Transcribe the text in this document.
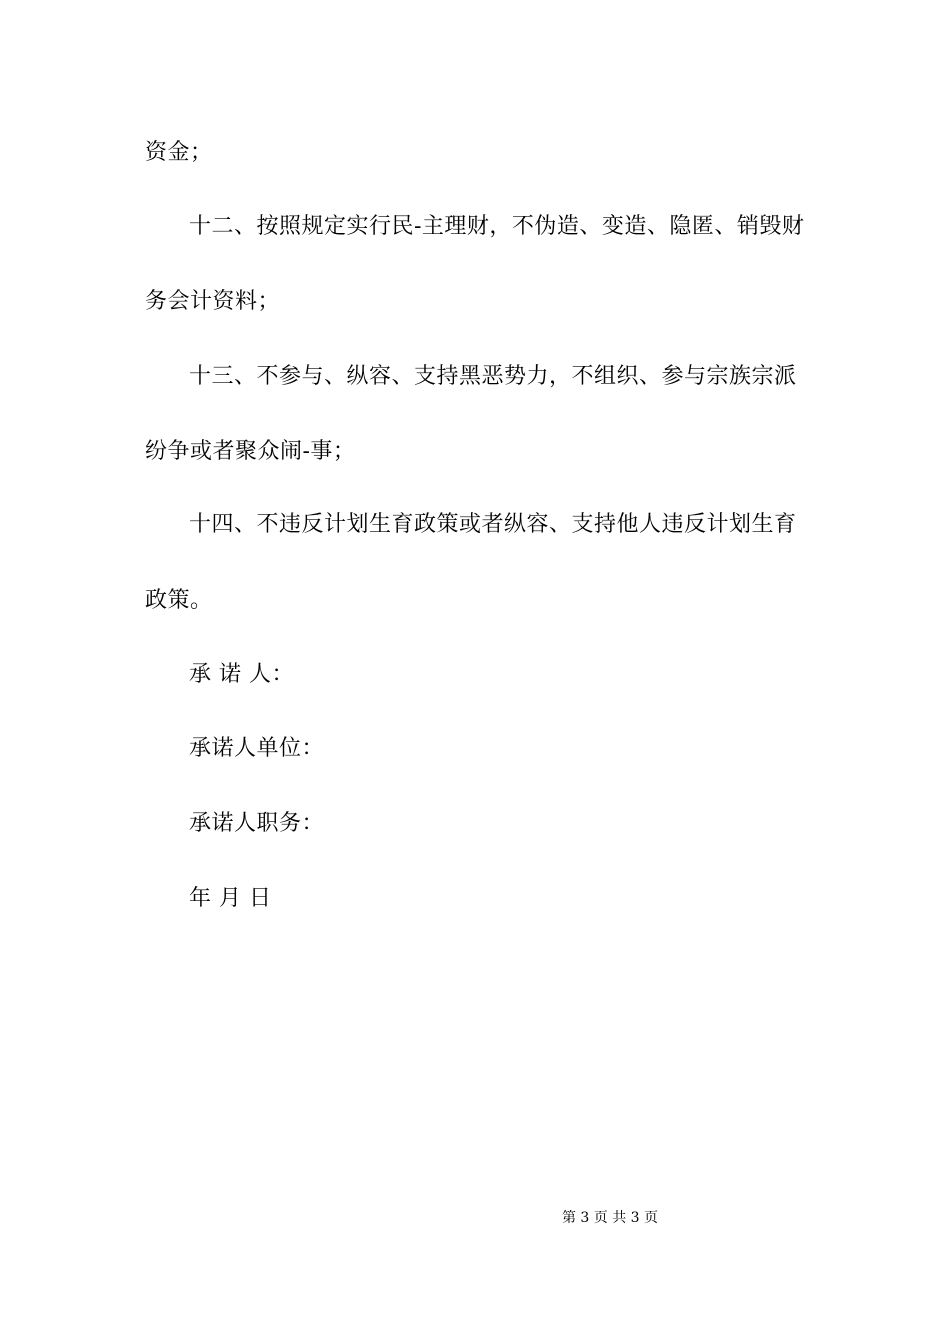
资金；
十二、按照规定实行民-主理财，不伪造、变造、隐匿、销毁财
务会计资料；
十三、不参与、纵容、支持黑恶势力，不组织、参与宗族宗派
纷争或者聚众闹-事；
十四、不违反计划生育政策或者纵容、支持他人违反计划生育
政策。
承 诺 人：
承诺人单位：
承诺人职务：
年 月 日
第 3 页 共 3 页
